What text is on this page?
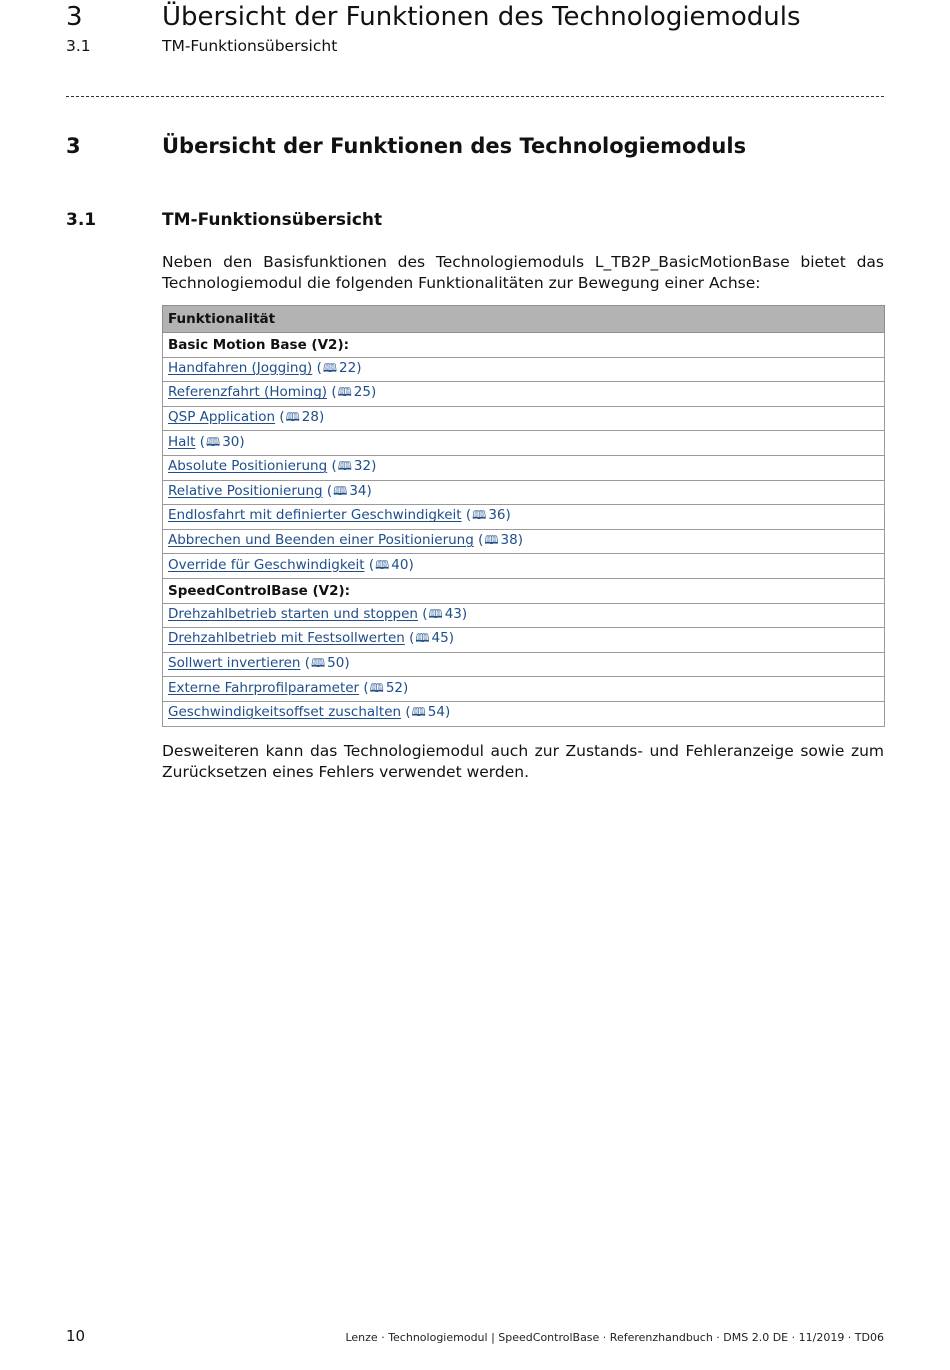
3	Übersicht der Funktionen des Technologiemoduls
3.1	TM-Funktionsübersicht
3	Übersicht der Funktionen des Technologiemoduls
3.1	TM-Funktionsübersicht
Neben den Basisfunktionen des Technologiemoduls L_TB2P_BasicMotionBase bietet das Technologiemodul die folgenden Funktionalitäten zur Bewegung einer Achse:
Funktionalität
Basic Motion Base (V2):
Handfahren (Jogging) (🕮 22)
Referenzfahrt (Homing) (🕮 25)
QSP Application (🕮 28)
Halt (🕮 30)
Absolute Positionierung (🕮 32)
Relative Positionierung (🕮 34)
Endlosfahrt mit definierter Geschwindigkeit (🕮 36)
Abbrechen und Beenden einer Positionierung (🕮 38)
Override für Geschwindigkeit (🕮 40)
SpeedControlBase (V2):
Drehzahlbetrieb starten und stoppen (🕮 43)
Drehzahlbetrieb mit Festsollwerten (🕮 45)
Sollwert invertieren (🕮 50)
Externe Fahrprofilparameter (🕮 52)
Geschwindigkeitsoffset zuschalten (🕮 54)
Desweiteren kann das Technologiemodul auch zur Zustands- und Fehleranzeige sowie zum Zurücksetzen eines Fehlers verwendet werden.
10	Lenze · Technologiemodul | SpeedControlBase · Referenzhandbuch · DMS 2.0 DE · 11/2019 · TD06
